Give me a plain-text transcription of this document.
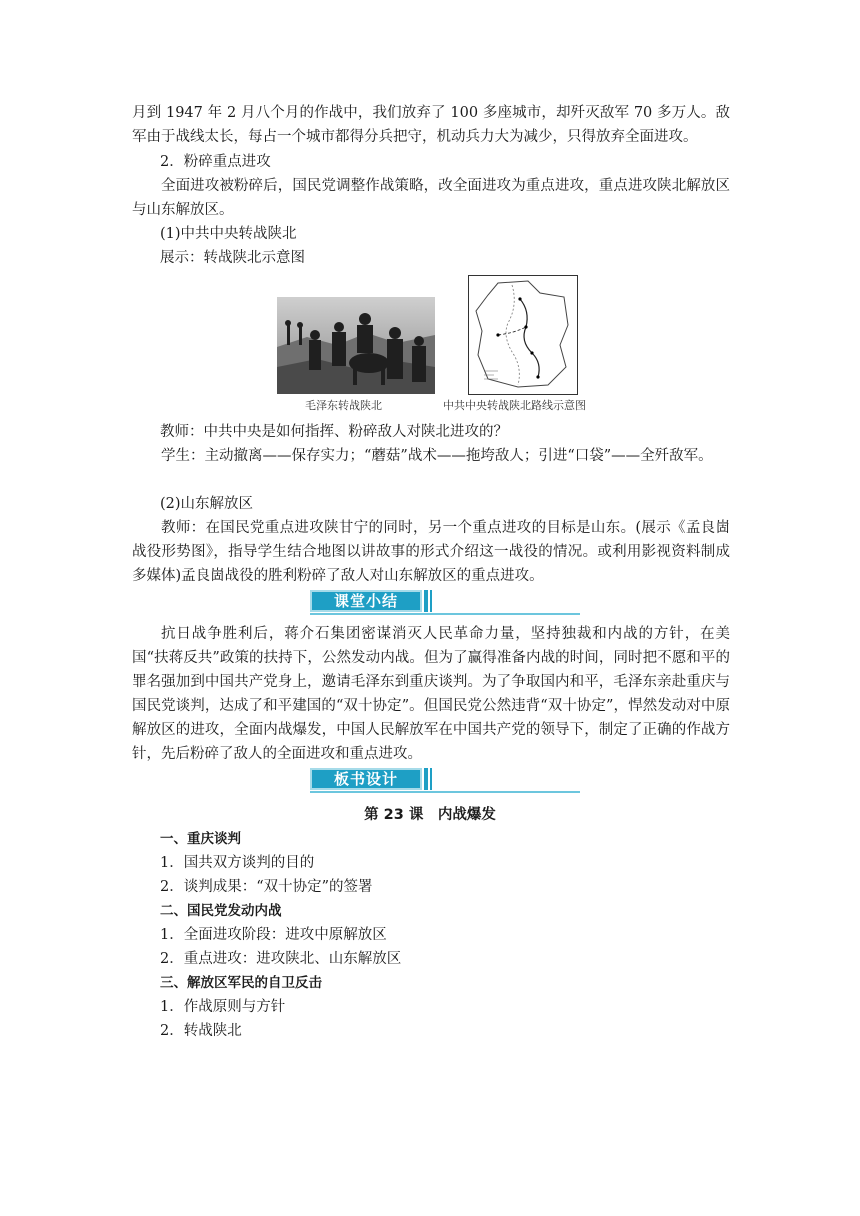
月到 1947 年 2 月八个月的作战中，我们放弃了 100 多座城市，却歼灭敌军 70 多万人。敌军由于战线太长，每占一个城市都得分兵把守，机动兵力大为减少，只得放弃全面进攻。

2．粉碎重点进攻

全面进攻被粉碎后，国民党调整作战策略，改全面进攻为重点进攻，重点进攻陕北解放区与山东解放区。

(1)中共中央转战陕北

展示：转战陕北示意图

毛泽东转战陕北	中共中央转战陕北路线示意图

教师：中共中央是如何指挥、粉碎敌人对陕北进攻的？

学生：主动撤离——保存实力；“蘑菇”战术——拖垮敌人；引进“口袋”——全歼敌军。

(2)山东解放区

教师：在国民党重点进攻陕甘宁的同时，另一个重点进攻的目标是山东。(展示《孟良崮战役形势图》，指导学生结合地图以讲故事的形式介绍这一战役的情况。或利用影视资料制成多媒体)孟良崮战役的胜利粉碎了敌人对山东解放区的重点进攻。

课堂小结

抗日战争胜利后，蒋介石集团密谋消灭人民革命力量，坚持独裁和内战的方针，在美国“扶蒋反共”政策的扶持下，公然发动内战。但为了赢得准备内战的时间，同时把不愿和平的罪名强加到中国共产党身上，邀请毛泽东到重庆谈判。为了争取国内和平，毛泽东亲赴重庆与国民党谈判，达成了和平建国的“双十协定”。但国民党公然违背“双十协定”，悍然发动对中原解放区的进攻，全面内战爆发，中国人民解放军在中国共产党的领导下，制定了正确的作战方针，先后粉碎了敌人的全面进攻和重点进攻。

板书设计
第 23 课　内战爆发

一、重庆谈判

1．国共双方谈判的目的

2．谈判成果：“双十协定”的签署

二、国民党发动内战

1．全面进攻阶段：进攻中原解放区

2．重点进攻：进攻陕北、山东解放区

三、解放区军民的自卫反击

1．作战原则与方针

2．转战陕北
